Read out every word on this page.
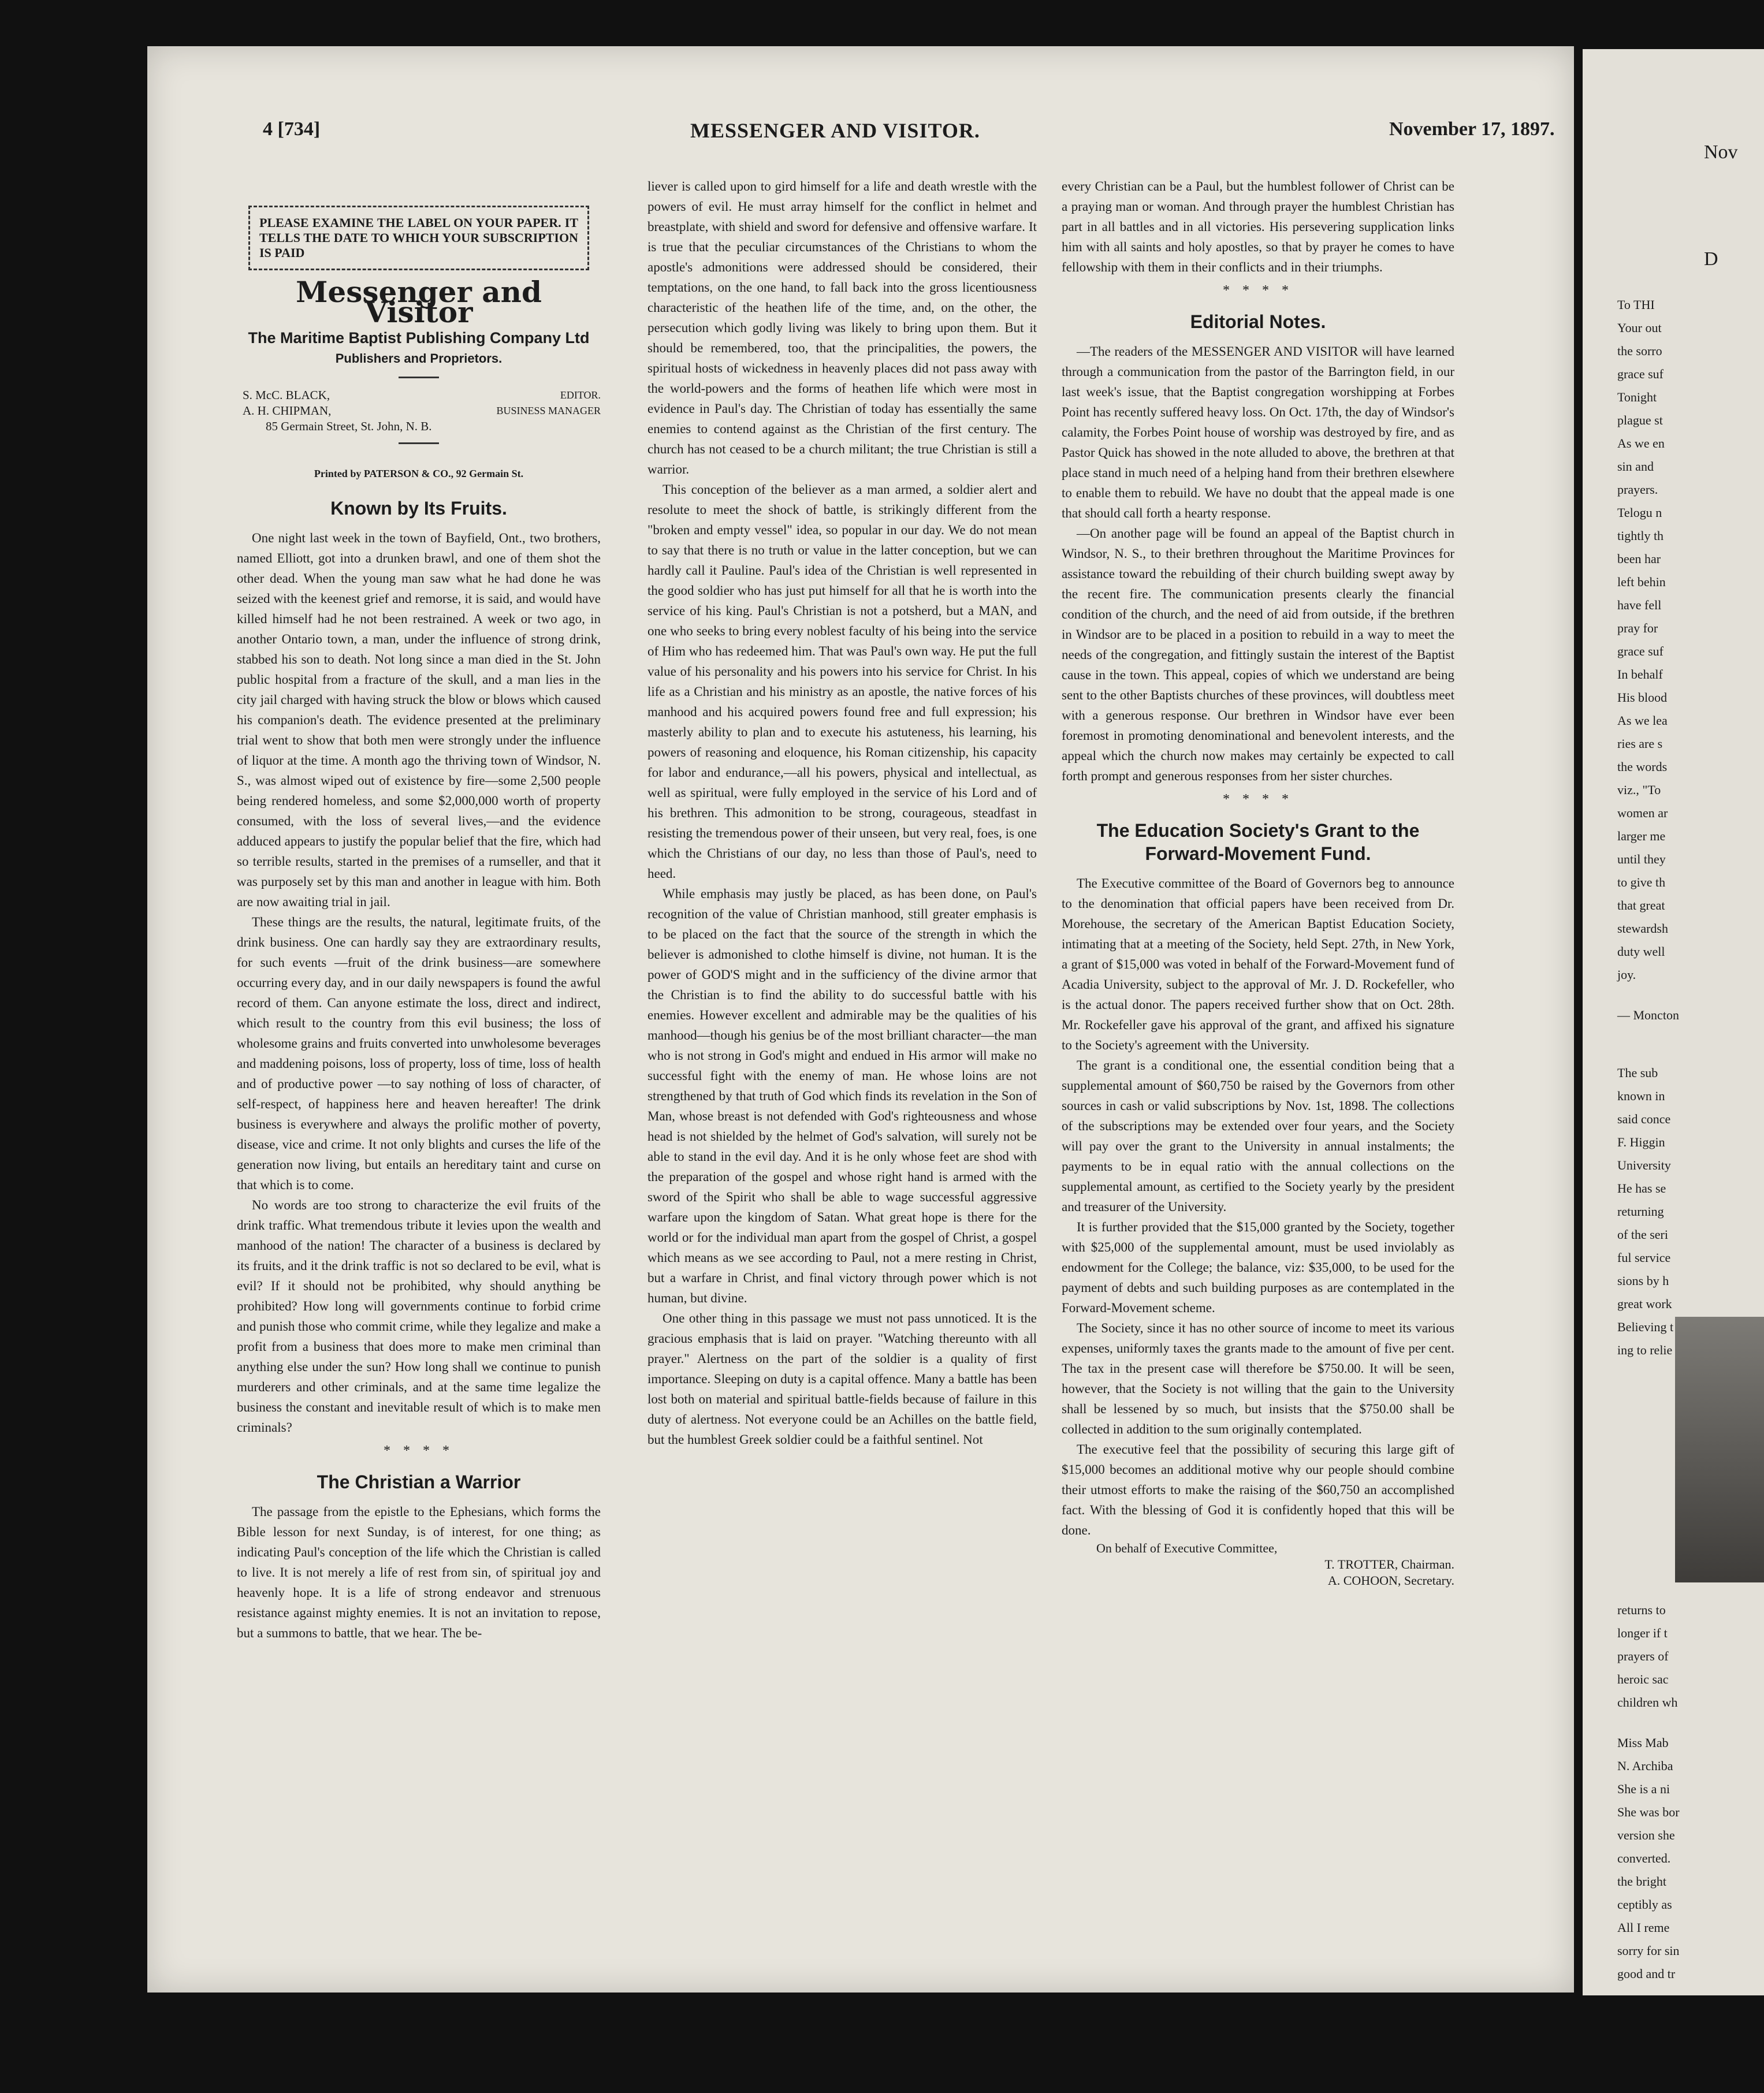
4 [734]	MESSENGER AND VISITOR.	November 17, 1897.
PLEASE EXAMINE THE LABEL ON YOUR PAPER. IT TELLS THE DATE TO WHICH YOUR SUBSCRIPTION IS PAID
Messenger and Visitor
The Maritime Baptist Publishing Company Ltd
Publishers and Proprietors.
S. McC. BLACK,	EDITOR.
A. H. CHIPMAN,	BUSINESS MANAGER
85 Germain Street, St. John, N. B.
Printed by PATERSON & CO., 92 Germain St.
Known by Its Fruits.

One night last week in the town of Bayfield, Ont., two brothers, named Elliott, got into a drunken brawl, and one of them shot the other dead. When the young man saw what he had done he was seized with the keenest grief and remorse, it is said, and would have killed himself had he not been restrained. A week or two ago, in another Ontario town, a man, under the influence of strong drink, stabbed his son to death. Not long since a man died in the St. John public hospital from a fracture of the skull, and a man lies in the city jail charged with having struck the blow or blows which caused his companion's death. The evidence presented at the preliminary trial went to show that both men were strongly under the influence of liquor at the time. A month ago the thriving town of Windsor, N. S., was almost wiped out of existence by fire—some 2,500 people being rendered homeless, and some $2,000,000 worth of property consumed, with the loss of several lives,—and the evidence adduced appears to justify the popular belief that the fire, which had so terrible results, started in the premises of a rumseller, and that it was purposely set by this man and another in league with him. Both are now awaiting trial in jail.

These things are the results, the natural, legitimate fruits, of the drink business. One can hardly say they are extraordinary results, for such events —fruit of the drink business—are somewhere occurring every day, and in our daily newspapers is found the awful record of them. Can anyone estimate the loss, direct and indirect, which result to the country from this evil business; the loss of wholesome grains and fruits converted into unwholesome beverages and maddening poisons, loss of property, loss of time, loss of health and of productive power —to say nothing of loss of character, of self-respect, of happiness here and heaven hereafter! The drink business is everywhere and always the prolific mother of poverty, disease, vice and crime. It not only blights and curses the life of the generation now living, but entails an hereditary taint and curse on that which is to come.

No words are too strong to characterize the evil fruits of the drink traffic. What tremendous tribute it levies upon the wealth and manhood of the nation! The character of a business is declared by its fruits, and it the drink traffic is not so declared to be evil, what is evil? If it should not be prohibited, why should anything be prohibited? How long will governments continue to forbid crime and punish those who commit crime, while they legalize and make a profit from a business that does more to make men criminal than anything else under the sun? How long shall we continue to punish murderers and other criminals, and at the same time legalize the business the constant and inevitable result of which is to make men criminals?

* * * *
The Christian a Warrior

The passage from the epistle to the Ephesians, which forms the Bible lesson for next Sunday, is of interest, for one thing; as indicating Paul's conception of the life which the Christian is called to live. It is not merely a life of rest from sin, of spiritual joy and heavenly hope. It is a life of strong endeavor and strenuous resistance against mighty enemies. It is not an invitation to repose, but a summons to battle, that we hear. The be-

liever is called upon to gird himself for a life and death wrestle with the powers of evil. He must array himself for the conflict in helmet and breastplate, with shield and sword for defensive and offensive warfare. It is true that the peculiar circumstances of the Christians to whom the apostle's admonitions were addressed should be considered, their temptations, on the one hand, to fall back into the gross licentiousness characteristic of the heathen life of the time, and, on the other, the persecution which godly living was likely to bring upon them. But it should be remembered, too, that the principalities, the powers, the spiritual hosts of wickedness in heavenly places did not pass away with the world-powers and the forms of heathen life which were most in evidence in Paul's day. The Christian of today has essentially the same enemies to contend against as the Christian of the first century. The church has not ceased to be a church militant; the true Christian is still a warrior.

This conception of the believer as a man armed, a soldier alert and resolute to meet the shock of battle, is strikingly different from the "broken and empty vessel" idea, so popular in our day. We do not mean to say that there is no truth or value in the latter conception, but we can hardly call it Pauline. Paul's idea of the Christian is well represented in the good soldier who has just put himself for all that he is worth into the service of his king. Paul's Christian is not a potsherd, but a MAN, and one who seeks to bring every noblest faculty of his being into the service of Him who has redeemed him. That was Paul's own way. He put the full value of his personality and his powers into his service for Christ. In his life as a Christian and his ministry as an apostle, the native forces of his manhood and his acquired powers found free and full expression; his masterly ability to plan and to execute his astuteness, his learning, his powers of reasoning and eloquence, his Roman citizenship, his capacity for labor and endurance,—all his powers, physical and intellectual, as well as spiritual, were fully employed in the service of his Lord and of his brethren. This admonition to be strong, courageous, steadfast in resisting the tremendous power of their unseen, but very real, foes, is one which the Christians of our day, no less than those of Paul's, need to heed.

While emphasis may justly be placed, as has been done, on Paul's recognition of the value of Christian manhood, still greater emphasis is to be placed on the fact that the source of the strength in which the believer is admonished to clothe himself is divine, not human. It is the power of GOD'S might and in the sufficiency of the divine armor that the Christian is to find the ability to do successful battle with his enemies. However excellent and admirable may be the qualities of his manhood—though his genius be of the most brilliant character—the man who is not strong in God's might and endued in His armor will make no successful fight with the enemy of man. He whose loins are not strengthened by that truth of God which finds its revelation in the Son of Man, whose breast is not defended with God's righteousness and whose head is not shielded by the helmet of God's salvation, will surely not be able to stand in the evil day. And it is he only whose feet are shod with the preparation of the gospel and whose right hand is armed with the sword of the Spirit who shall be able to wage successful aggressive warfare upon the kingdom of Satan. What great hope is there for the world or for the individual man apart from the gospel of Christ, a gospel which means as we see according to Paul, not a mere resting in Christ, but a warfare in Christ, and final victory through power which is not human, but divine.

One other thing in this passage we must not pass unnoticed. It is the gracious emphasis that is laid on prayer. "Watching thereunto with all prayer." Alertness on the part of the soldier is a quality of first importance. Sleeping on duty is a capital offence. Many a battle has been lost both on material and spiritual battle-fields because of failure in this duty of alertness. Not everyone could be an Achilles on the battle field, but the humblest Greek soldier could be a faithful sentinel. Not

every Christian can be a Paul, but the humblest follower of Christ can be a praying man or woman. And through prayer the humblest Christian has part in all battles and in all victories. His persevering supplication links him with all saints and holy apostles, so that by prayer he comes to have fellowship with them in their conflicts and in their triumphs.

* * * *
Editorial Notes.

—The readers of the MESSENGER AND VISITOR will have learned through a communication from the pastor of the Barrington field, in our last week's issue, that the Baptist congregation worshipping at Forbes Point has recently suffered heavy loss. On Oct. 17th, the day of Windsor's calamity, the Forbes Point house of worship was destroyed by fire, and as Pastor Quick has showed in the note alluded to above, the brethren at that place stand in much need of a helping hand from their brethren elsewhere to enable them to rebuild. We have no doubt that the appeal made is one that should call forth a hearty response.

—On another page will be found an appeal of the Baptist church in Windsor, N. S., to their brethren throughout the Maritime Provinces for assistance toward the rebuilding of their church building swept away by the recent fire. The communication presents clearly the financial condition of the church, and the need of aid from outside, if the brethren in Windsor are to be placed in a position to rebuild in a way to meet the needs of the congregation, and fittingly sustain the interest of the Baptist cause in the town. This appeal, copies of which we understand are being sent to the other Baptists churches of these provinces, will doubtless meet with a generous response. Our brethren in Windsor have ever been foremost in promoting denominational and benevolent interests, and the appeal which the church now makes may certainly be expected to call forth prompt and generous responses from her sister churches.

* * * *
The Education Society's Grant to the Forward-Movement Fund.

The Executive committee of the Board of Governors beg to announce to the denomination that official papers have been received from Dr. Morehouse, the secretary of the American Baptist Education Society, intimating that at a meeting of the Society, held Sept. 27th, in New York, a grant of $15,000 was voted in behalf of the Forward-Movement fund of Acadia University, subject to the approval of Mr. J. D. Rockefeller, who is the actual donor. The papers received further show that on Oct. 28th. Mr. Rockefeller gave his approval of the grant, and affixed his signature to the Society's agreement with the University.

The grant is a conditional one, the essential condition being that a supplemental amount of $60,750 be raised by the Governors from other sources in cash or valid subscriptions by Nov. 1st, 1898. The collections of the subscriptions may be extended over four years, and the Society will pay over the grant to the University in annual instalments; the payments to be in equal ratio with the annual collections on the supplemental amount, as certified to the Society yearly by the president and treasurer of the University.

It is further provided that the $15,000 granted by the Society, together with $25,000 of the supplemental amount, must be used inviolably as endowment for the College; the balance, viz: $35,000, to be used for the payment of debts and such building purposes as are contemplated in the Forward-Movement scheme.

The Society, since it has no other source of income to meet its various expenses, uniformly taxes the grants made to the amount of five per cent. The tax in the present case will therefore be $750.00. It will be seen, however, that the Society is not willing that the gain to the University shall be lessened by so much, but insists that the $750.00 shall be collected in addition to the sum originally contemplated.

The executive feel that the possibility of securing this large gift of $15,000 becomes an additional motive why our people should combine their utmost efforts to make the raising of the $60,750 an accomplished fact. With the blessing of God it is confidently hoped that this will be done.

On behalf of Executive Committee,
T. TROTTER, Chairman.
A. COHOON, Secretary.
Nov
D
To THI
Your out
the sorro
grace suf
Tonight
plague st
As we en
sin and
prayers.
Telogu n
tightly th
been har
left behin
have fell
pray for
grace suf
In behalf
His blood
As we lea
ries are s
the words
viz., "To
women ar
larger me
until they
to give th
that great
stewardsh
duty well
joy.
— Moncton
The sub
known in
said conce
F. Higgin
University
He has se
returning
of the seri
ful service
sions by h
great work
Believing t
ing to relie
returns to
longer if t
prayers of
heroic sac
children wh
Miss Mab
N. Archiba
She is a ni
She was bor
version she
converted.
the bright
ceptibly as
All I reme
sorry for sin
good and tr
